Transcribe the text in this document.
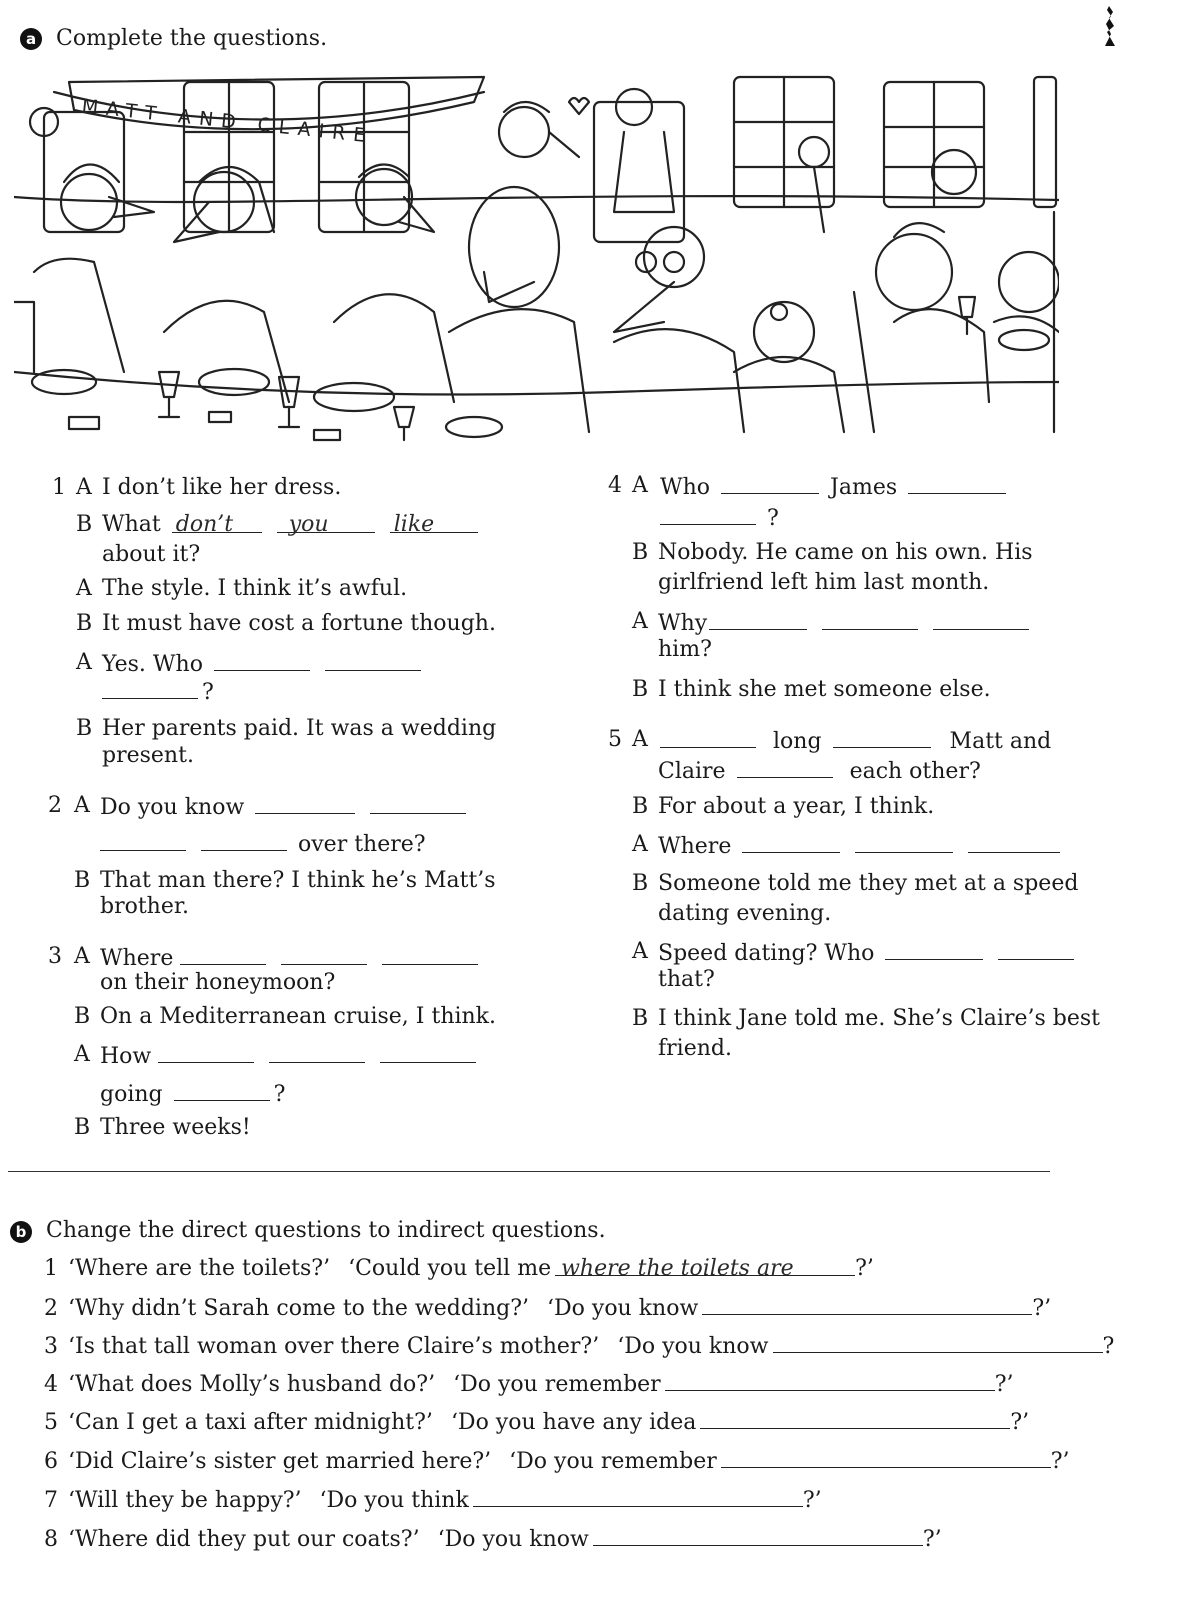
a Complete the questions.
MATT AND CLAIRE
1 A I don’t like her dress.
B What don’t	you	like
about it?
A The style. I think it’s awful.
B It must have cost a fortune though.
A Yes. Who
?
B Her parents paid. It was a wedding
present.
2 A Do you know
over there?
B That man there? I think he’s Matt’s
brother.
3 A Where
on their honeymoon?
B On a Mediterranean cruise, I think.
A How
going	?
B Three weeks!
4 A Who	James
?
B Nobody. He came on his own. His
girlfriend left him last month.
A Why
him?
B I think she met someone else.
5 A	long	Matt and
Claire	each other?
B For about a year, I think.
A Where
B Someone told me they met at a speed
dating evening.
A Speed dating? Who
that?
B I think Jane told me. She’s Claire’s best
friend.
b Change the direct questions to indirect questions.
1 ‘Where are the toilets?’ ‘Could you tell me where the toilets are	?’
2 ‘Why didn’t Sarah come to the wedding?’ ‘Do you know	?’
3 ‘Is that tall woman over there Claire’s mother?’ ‘Do you know	?
4 ‘What does Molly’s husband do?’ ‘Do you remember	?’
5 ‘Can I get a taxi after midnight?’ ‘Do you have any idea	?’
6 ‘Did Claire’s sister get married here?’ ‘Do you remember	?’
7 ‘Will they be happy?’ ‘Do you think	?’
8 ‘Where did they put our coats?’ ‘Do you know	?’
